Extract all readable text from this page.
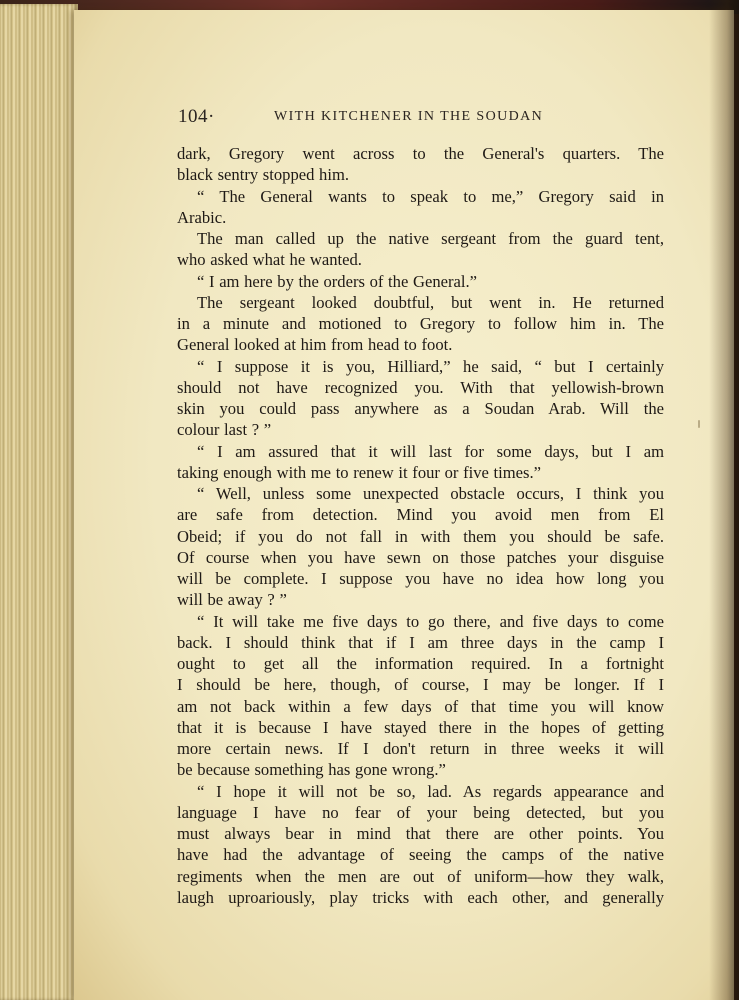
104·	WITH KITCHENER IN THE SOUDAN
dark, Gregory went across to the General's quarters. The
black sentry stopped him.
“ The General wants to speak to me,” Gregory said in
Arabic.
The man called up the native sergeant from the guard tent,
who asked what he wanted.
“ I am here by the orders of the General.”
The sergeant looked doubtful, but went in. He returned
in a minute and motioned to Gregory to follow him in. The
General looked at him from head to foot.
“ I suppose it is you, Hilliard,” he said, “ but I certainly
should not have recognized you. With that yellowish-brown
skin you could pass anywhere as a Soudan Arab. Will the
colour last ? ”
“ I am assured that it will last for some days, but I am
taking enough with me to renew it four or five times.”
“ Well, unless some unexpected obstacle occurs, I think you
are safe from detection. Mind you avoid men from El
Obeid; if you do not fall in with them you should be safe.
Of course when you have sewn on those patches your disguise
will be complete. I suppose you have no idea how long you
will be away ? ”
“ It will take me five days to go there, and five days to come
back. I should think that if I am three days in the camp I
ought to get all the information required. In a fortnight
I should be here, though, of course, I may be longer. If I
am not back within a few days of that time you will know
that it is because I have stayed there in the hopes of getting
more certain news. If I don't return in three weeks it will
be because something has gone wrong.”
“ I hope it will not be so, lad. As regards appearance and
language I have no fear of your being detected, but you
must always bear in mind that there are other points. You
have had the advantage of seeing the camps of the native
regiments when the men are out of uniform—how they walk,
laugh uproariously, play tricks with each other, and generally
